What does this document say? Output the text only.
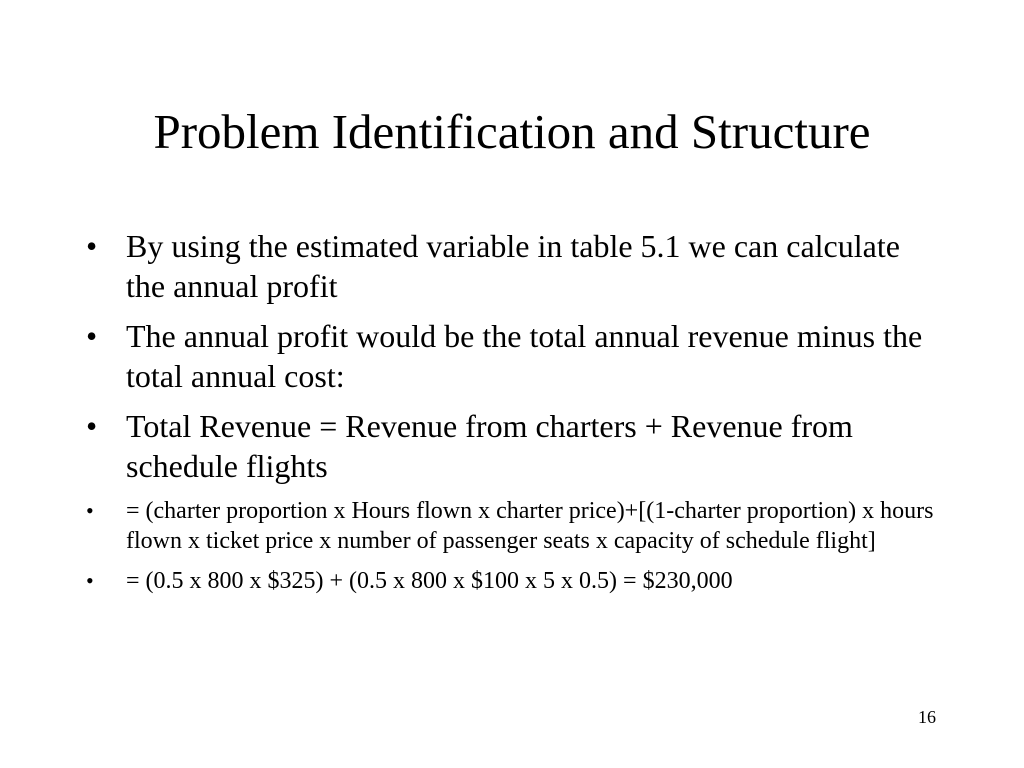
Problem Identification and Structure
• By using the estimated variable in table 5.1 we can calculate the annual profit
• The annual profit would be the total annual revenue minus the total annual cost:
• Total Revenue = Revenue from charters + Revenue from schedule flights
• = (charter proportion x Hours flown x charter price)+[(1-charter proportion) x hours flown x ticket price x number of passenger seats x capacity of schedule flight]
• = (0.5 x 800 x $325) + (0.5 x 800 x $100 x 5 x 0.5) = $230,000
16
